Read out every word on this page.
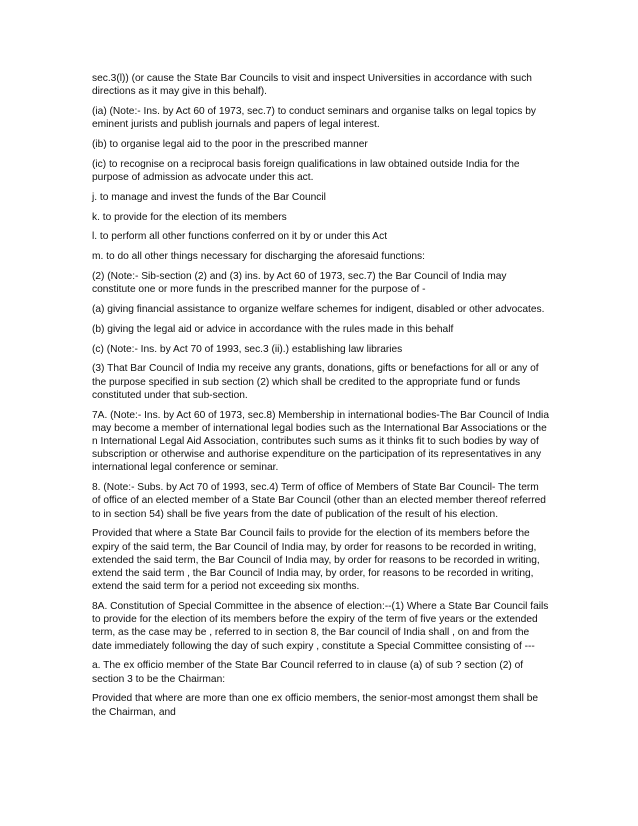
sec.3(l)) (or cause the State Bar Councils to visit and inspect Universities in accordance with such directions as it may give in this behalf).

(ia) (Note:- Ins. by Act 60 of 1973, sec.7) to conduct seminars and organise talks on legal topics by eminent jurists and publish journals and papers of legal interest.

(ib) to organise legal aid to the poor in the prescribed manner

(ic) to recognise on a reciprocal basis foreign qualifications in law obtained outside India for the purpose of admission as advocate under this act.

j. to manage and invest the funds of the Bar Council

k. to provide for the election of its members

l. to perform all other functions conferred on it by or under this Act

m. to do all other things necessary for discharging the aforesaid functions:

(2) (Note:- Sib-section (2) and (3) ins. by Act 60 of 1973, sec.7) the Bar Council of India may constitute one or more funds in the prescribed manner for the purpose of -

(a) giving financial assistance to organize welfare schemes for indigent, disabled or other advocates.

(b) giving the legal aid or advice in accordance with the rules made in this behalf

(c) (Note:- Ins. by Act 70 of 1993, sec.3 (ii).) establishing law libraries

(3) That Bar Council of India my receive any grants, donations, gifts or benefactions for all or any of the purpose specified in sub section (2) which shall be credited to the appropriate fund or funds constituted under that sub-section.

7A. (Note:- Ins. by Act 60 of 1973, sec.8) Membership in international bodies-The Bar Council of India may become a member of international legal bodies such as the International Bar Associations or the n International Legal Aid Association, contributes such sums as it thinks fit to such bodies by way of subscription or otherwise and authorise expenditure on the participation of its representatives in any international legal conference or seminar.

8. (Note:- Subs. by Act 70 of 1993, sec.4) Term of office of Members of State Bar Council- The term of office of an elected member of a State Bar Council (other than an elected member thereof referred to in section 54) shall be five years from the date of publication of the result of his election.

Provided that where a State Bar Council fails to provide for the election of its members before the expiry of the said term, the Bar Council of India may, by order for reasons to be recorded in writing, extended the said term, the Bar Council of India may, by order for reasons to be recorded in writing, extend the said term , the Bar Council of India may, by order, for reasons to be recorded in writing, extend the said term for a period not exceeding six months.

8A. Constitution of Special Committee in the absence of election:--(1) Where a State Bar Council fails to provide for the election of its members before the expiry of the term of five years or the extended term, as the case may be , referred to in section 8, the Bar council of India shall , on and from the date immediately following the day of such expiry , constitute a Special Committee consisting of ---

a. The ex officio member of the State Bar Council referred to in clause (a) of sub ? section (2) of section 3 to be the Chairman:

Provided that where are more than one ex officio members, the senior-most amongst them shall be the Chairman, and
